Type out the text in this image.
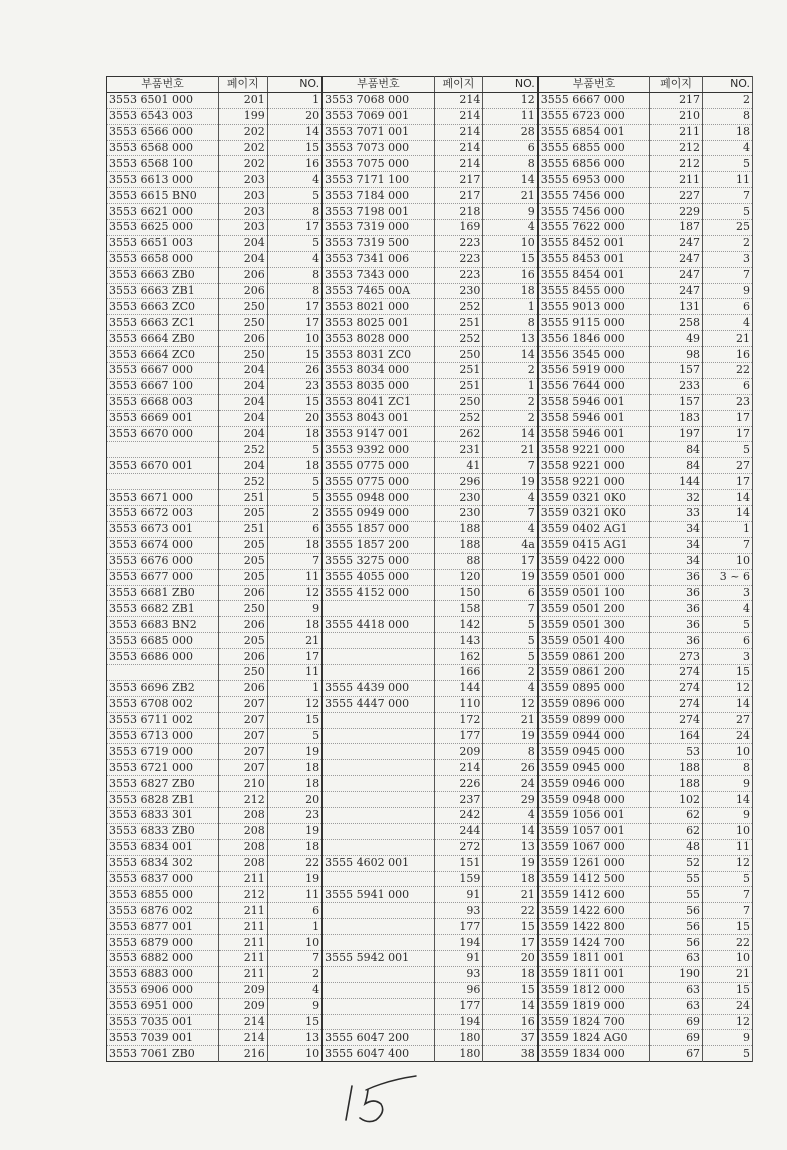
부품번호	페이지	NO.	부품번호	페이지	NO.	부품번호	페이지	NO.
3553 6501 000	201	1	3553 7068 000	214	12	3555 6667 000	217	2
3553 6543 003	199	20	3553 7069 001	214	11	3555 6723 000	210	8
3553 6566 000	202	14	3553 7071 001	214	28	3555 6854 001	211	18
3553 6568 000	202	15	3553 7073 000	214	6	3555 6855 000	212	4
3553 6568 100	202	16	3553 7075 000	214	8	3555 6856 000	212	5
3553 6613 000	203	4	3553 7171 100	217	14	3555 6953 000	211	11
3553 6615 BN0	203	5	3553 7184 000	217	21	3555 7456 000	227	7
3553 6621 000	203	8	3553 7198 001	218	9	3555 7456 000	229	5
3553 6625 000	203	17	3553 7319 000	169	4	3555 7622 000	187	25
3553 6651 003	204	5	3553 7319 500	223	10	3555 8452 001	247	2
3553 6658 000	204	4	3553 7341 006	223	15	3555 8453 001	247	3
3553 6663 ZB0	206	8	3553 7343 000	223	16	3555 8454 001	247	7
3553 6663 ZB1	206	8	3553 7465 00A	230	18	3555 8455 000	247	9
3553 6663 ZC0	250	17	3553 8021 000	252	1	3555 9013 000	131	6
3553 6663 ZC1	250	17	3553 8025 001	251	8	3555 9115 000	258	4
3553 6664 ZB0	206	10	3553 8028 000	252	13	3556 1846 000	49	21
3553 6664 ZC0	250	15	3553 8031 ZC0	250	14	3556 3545 000	98	16
3553 6667 000	204	26	3553 8034 000	251	2	3556 5919 000	157	22
3553 6667 100	204	23	3553 8035 000	251	1	3556 7644 000	233	6
3553 6668 003	204	15	3553 8041 ZC1	250	2	3558 5946 001	157	23
3553 6669 001	204	20	3553 8043 001	252	2	3558 5946 001	183	17
3553 6670 000	204	18	3553 9147 001	262	14	3558 5946 001	197	17
	252	5	3553 9392 000	231	21	3558 9221 000	84	5
3553 6670 001	204	18	3555 0775 000	41	7	3558 9221 000	84	27
	252	5	3555 0775 000	296	19	3558 9221 000	144	17
3553 6671 000	251	5	3555 0948 000	230	4	3559 0321 0K0	32	14
3553 6672 003	205	2	3555 0949 000	230	7	3559 0321 0K0	33	14
3553 6673 001	251	6	3555 1857 000	188	4	3559 0402 AG1	34	1
3553 6674 000	205	18	3555 1857 200	188	4a	3559 0415 AG1	34	7
3553 6676 000	205	7	3555 3275 000	88	17	3559 0422 000	34	10
3553 6677 000	205	11	3555 4055 000	120	19	3559 0501 000	36	3 ~ 6
3553 6681 ZB0	206	12	3555 4152 000	150	6	3559 0501 100	36	3
3553 6682 ZB1	250	9		158	7	3559 0501 200	36	4
3553 6683 BN2	206	18	3555 4418 000	142	5	3559 0501 300	36	5
3553 6685 000	205	21		143	5	3559 0501 400	36	6
3553 6686 000	206	17		162	5	3559 0861 200	273	3
	250	11		166	2	3559 0861 200	274	15
3553 6696 ZB2	206	1	3555 4439 000	144	4	3559 0895 000	274	12
3553 6708 002	207	12	3555 4447 000	110	12	3559 0896 000	274	14
3553 6711 002	207	15		172	21	3559 0899 000	274	27
3553 6713 000	207	5		177	19	3559 0944 000	164	24
3553 6719 000	207	19		209	8	3559 0945 000	53	10
3553 6721 000	207	18		214	26	3559 0945 000	188	8
3553 6827 ZB0	210	18		226	24	3559 0946 000	188	9
3553 6828 ZB1	212	20		237	29	3559 0948 000	102	14
3553 6833 301	208	23		242	4	3559 1056 001	62	9
3553 6833 ZB0	208	19		244	14	3559 1057 001	62	10
3553 6834 001	208	18		272	13	3559 1067 000	48	11
3553 6834 302	208	22	3555 4602 001	151	19	3559 1261 000	52	12
3553 6837 000	211	19		159	18	3559 1412 500	55	5
3553 6855 000	212	11	3555 5941 000	91	21	3559 1412 600	55	7
3553 6876 002	211	6		93	22	3559 1422 600	56	7
3553 6877 001	211	1		177	15	3559 1422 800	56	15
3553 6879 000	211	10		194	17	3559 1424 700	56	22
3553 6882 000	211	7	3555 5942 001	91	20	3559 1811 001	63	10
3553 6883 000	211	2		93	18	3559 1811 001	190	21
3553 6906 000	209	4		96	15	3559 1812 000	63	15
3553 6951 000	209	9		177	14	3559 1819 000	63	24
3553 7035 001	214	15		194	16	3559 1824 700	69	12
3553 7039 001	214	13	3555 6047 200	180	37	3559 1824 AG0	69	9
3553 7061 ZB0	216	10	3555 6047 400	180	38	3559 1834 000	67	5
